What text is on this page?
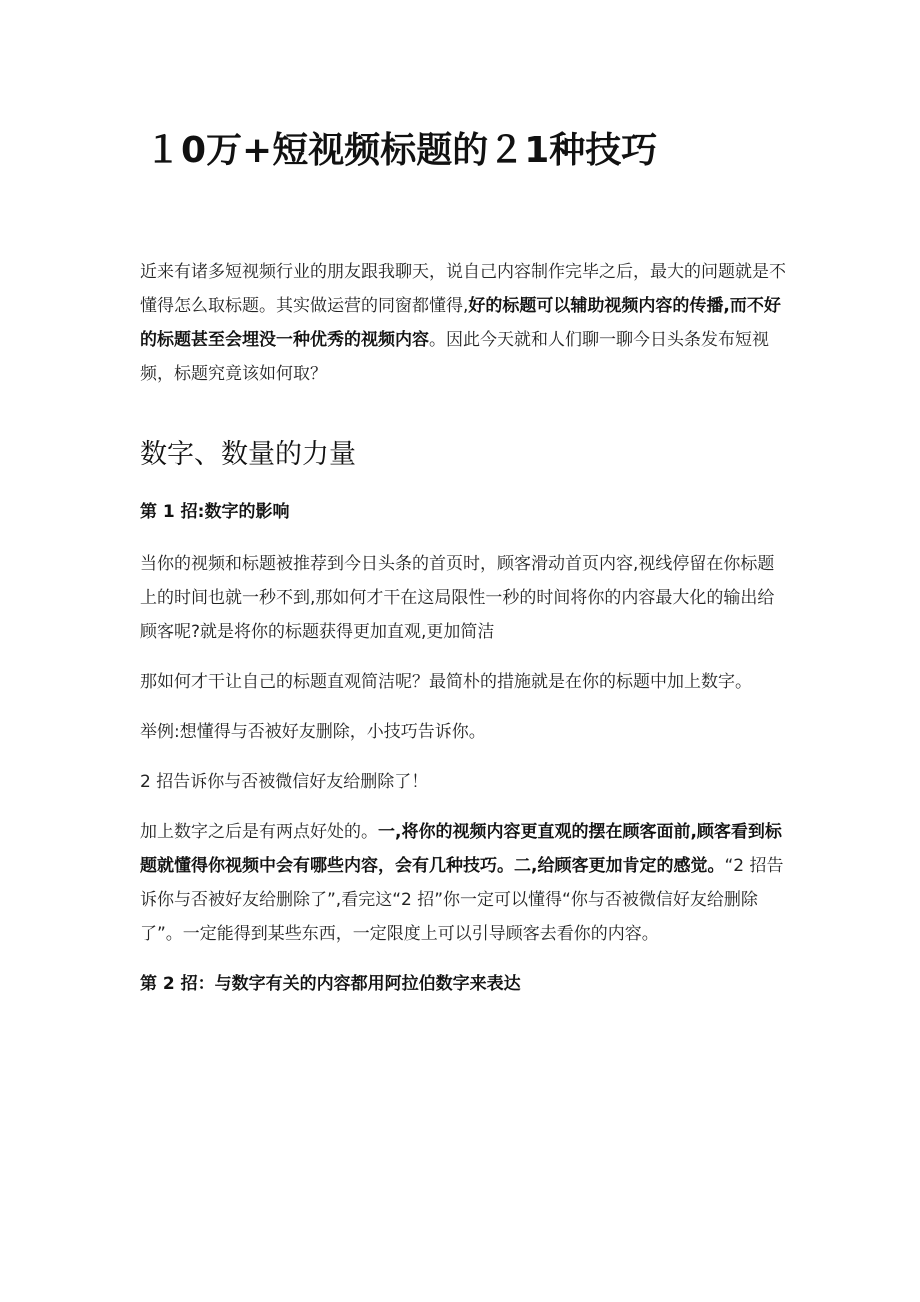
１0万+短视频标题的２1种技巧

近来有诸多短视频行业的朋友跟我聊天，说自己内容制作完毕之后，最大的问题就是不懂得怎么取标题。其实做运营的同窗都懂得,好的标题可以辅助视频内容的传播,而不好的标题甚至会埋没一种优秀的视频内容。因此今天就和人们聊一聊今日头条发布短视频，标题究竟该如何取？

数字、数量的力量

第 1 招:数字的影响

当你的视频和标题被推荐到今日头条的首页时，顾客滑动首页内容,视线停留在你标题上的时间也就一秒不到,那如何才干在这局限性一秒的时间将你的内容最大化的输出给顾客呢?就是将你的标题获得更加直观,更加简洁

那如何才干让自己的标题直观简洁呢？最简朴的措施就是在你的标题中加上数字。

举例:想懂得与否被好友删除，小技巧告诉你。

2 招告诉你与否被微信好友给删除了！

加上数字之后是有两点好处的。一,将你的视频内容更直观的摆在顾客面前,顾客看到标题就懂得你视频中会有哪些内容，会有几种技巧。二,给顾客更加肯定的感觉。“2 招告诉你与否被好友给删除了”,看完这“2 招”你一定可以懂得“你与否被微信好友给删除了”。一定能得到某些东西，一定限度上可以引导顾客去看你的内容。

第 2 招：与数字有关的内容都用阿拉伯数字来表达
